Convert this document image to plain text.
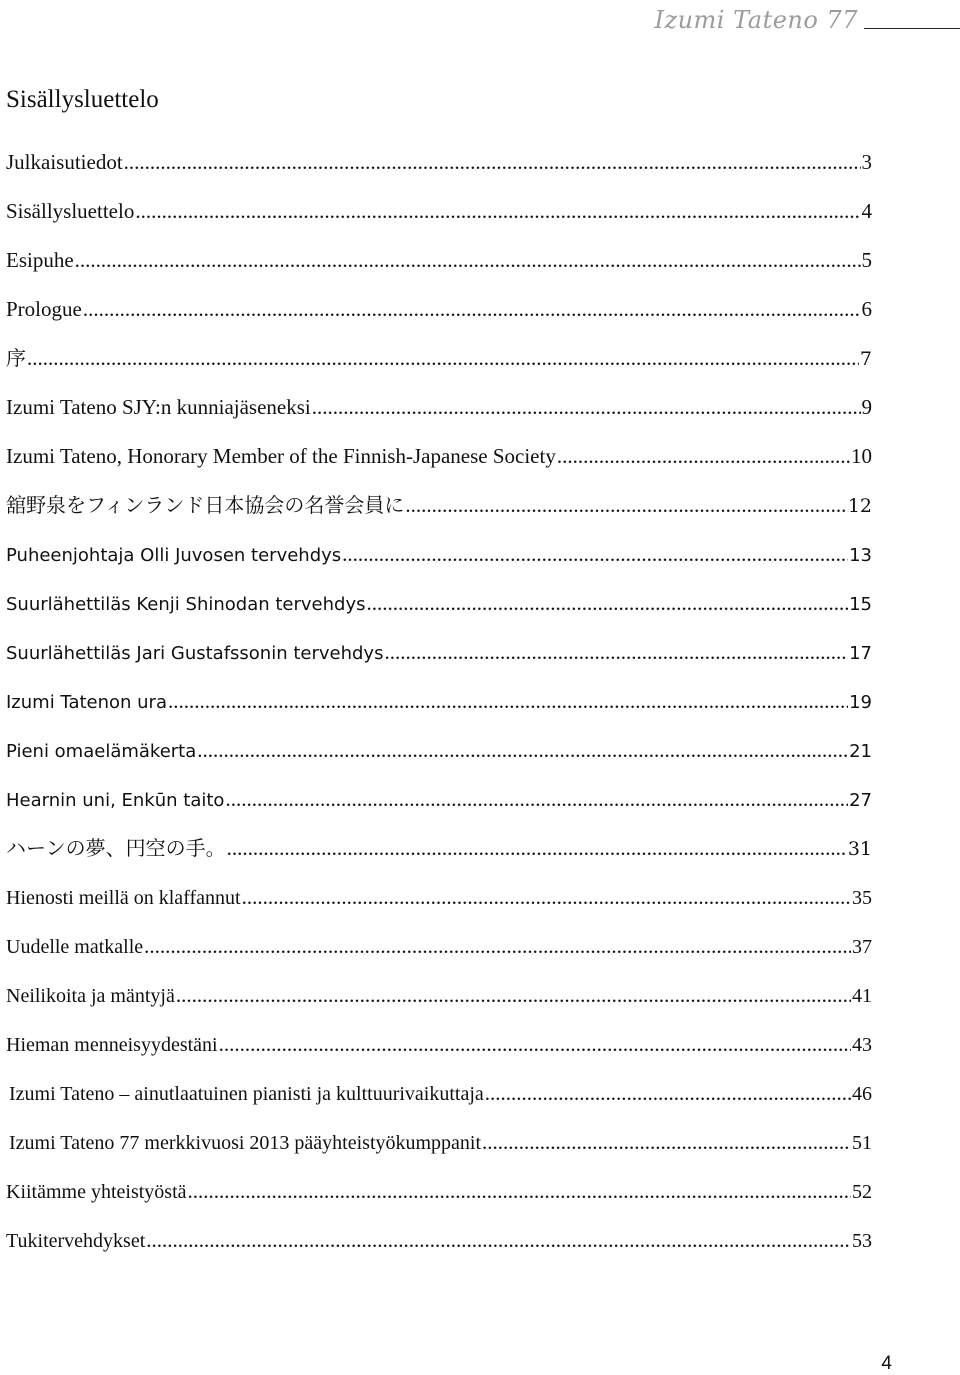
Izumi Tateno 77
Sisällysluettelo
Julkaisutiedot .....	3
Sisällysluettelo .....	4
Esipuhe .....	5
Prologue .....	6
序 .....	7
Izumi Tateno SJY:n kunniajäseneksi .....	9
Izumi Tateno, Honorary Member of the Finnish-Japanese Society .....	10
舘野泉をフィンランド日本協会の名誉会員に .....	12
Puheenjohtaja Olli Juvosen tervehdys .....	13
Suurlähettiläs Kenji Shinodan tervehdys .....	15
Suurlähettiläs Jari Gustafssonin tervehdys .....	17
Izumi Tatenon ura .....	19
Pieni omaelämäkerta .....	21
Hearnin uni, Enkūn taito .....	27
ハーンの夢、円空の手。 .....	31
Hienosti meillä on klaffannut .....	35
Uudelle matkalle .....	37
Neilikoita ja mäntyjä .....	41
Hieman menneisyydestäni .....	43
Izumi Tateno – ainutlaatuinen pianisti ja kulttuurivaikuttaja .....	46
Izumi Tateno 77 merkkivuosi 2013 pääyhteistyökumppanit .....	51
Kiitämme yhteistyöstä .....	52
Tukitervehdykset .....	53
4
